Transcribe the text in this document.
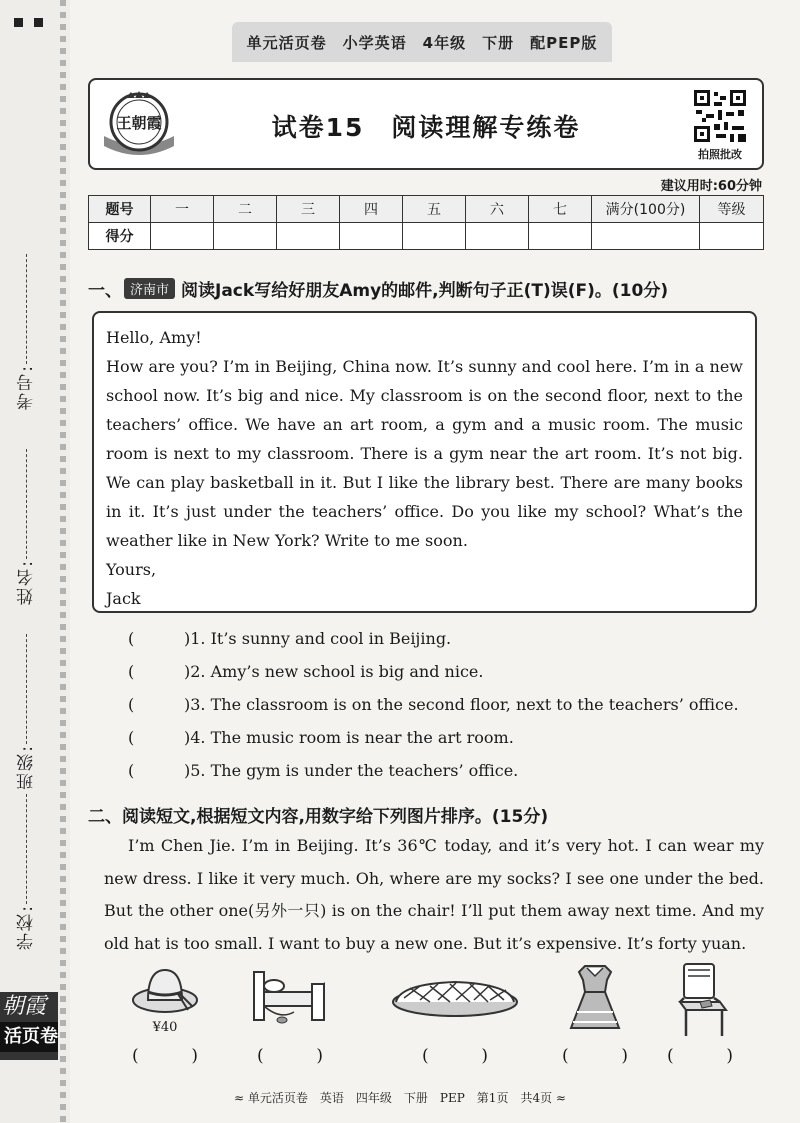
考号:
姓名:
班级:
学校:
朝霞
活页卷
单元活页卷　小学英语　4年级　下册　配PEP版
王朝霞	试卷15　阅读理解专练卷
拍照批改
建议用时:60分钟
题号	一	二	三	四	五	六	七	满分(100分)	等级
得分									
一、 济南市 阅读Jack写给好朋友Amy的邮件,判断句子正(T)误(F)。(10分)

Hello, Amy!

How are you? I’m in Beijing, China now. It’s sunny and cool here. I’m in a new school now. It’s big and nice. My classroom is on the second floor, next to the teachers’ office. We have an art room, a gym and a music room. The music room is next to my classroom. There is a gym near the art room. It’s not big. We can play basketball in it. But I like the library best. There are many books in it. It’s just under the teachers’ office. Do you like my school? What’s the weather like in New York? Write to me soon.

Yours,

Jack

(	)1. It’s sunny and cool in Beijing.
(	)2. Amy’s new school is big and nice.
(	)3. The classroom is on the second floor, next to the teachers’ office.
(	)4. The music room is near the art room.
(	)5. The gym is under the teachers’ office.
二、 阅读短文,根据短文内容,用数字给下列图片排序。(15分)

I’m Chen Jie. I’m in Beijing. It’s 36℃ today, and it’s very hot. I can wear my new dress. I like it very much. Oh, where are my socks? I see one under the bed. But the other one(另外一只) is on the chair! I’ll put them away next time. And my old hat is too small. I want to buy a new one. But it’s expensive. It’s forty yuan.

¥40
(	)	(	)	(	)	(	) (	)
≈ 单元活页卷　英语　四年级　下册　PEP　第1页　共4页 ≈
